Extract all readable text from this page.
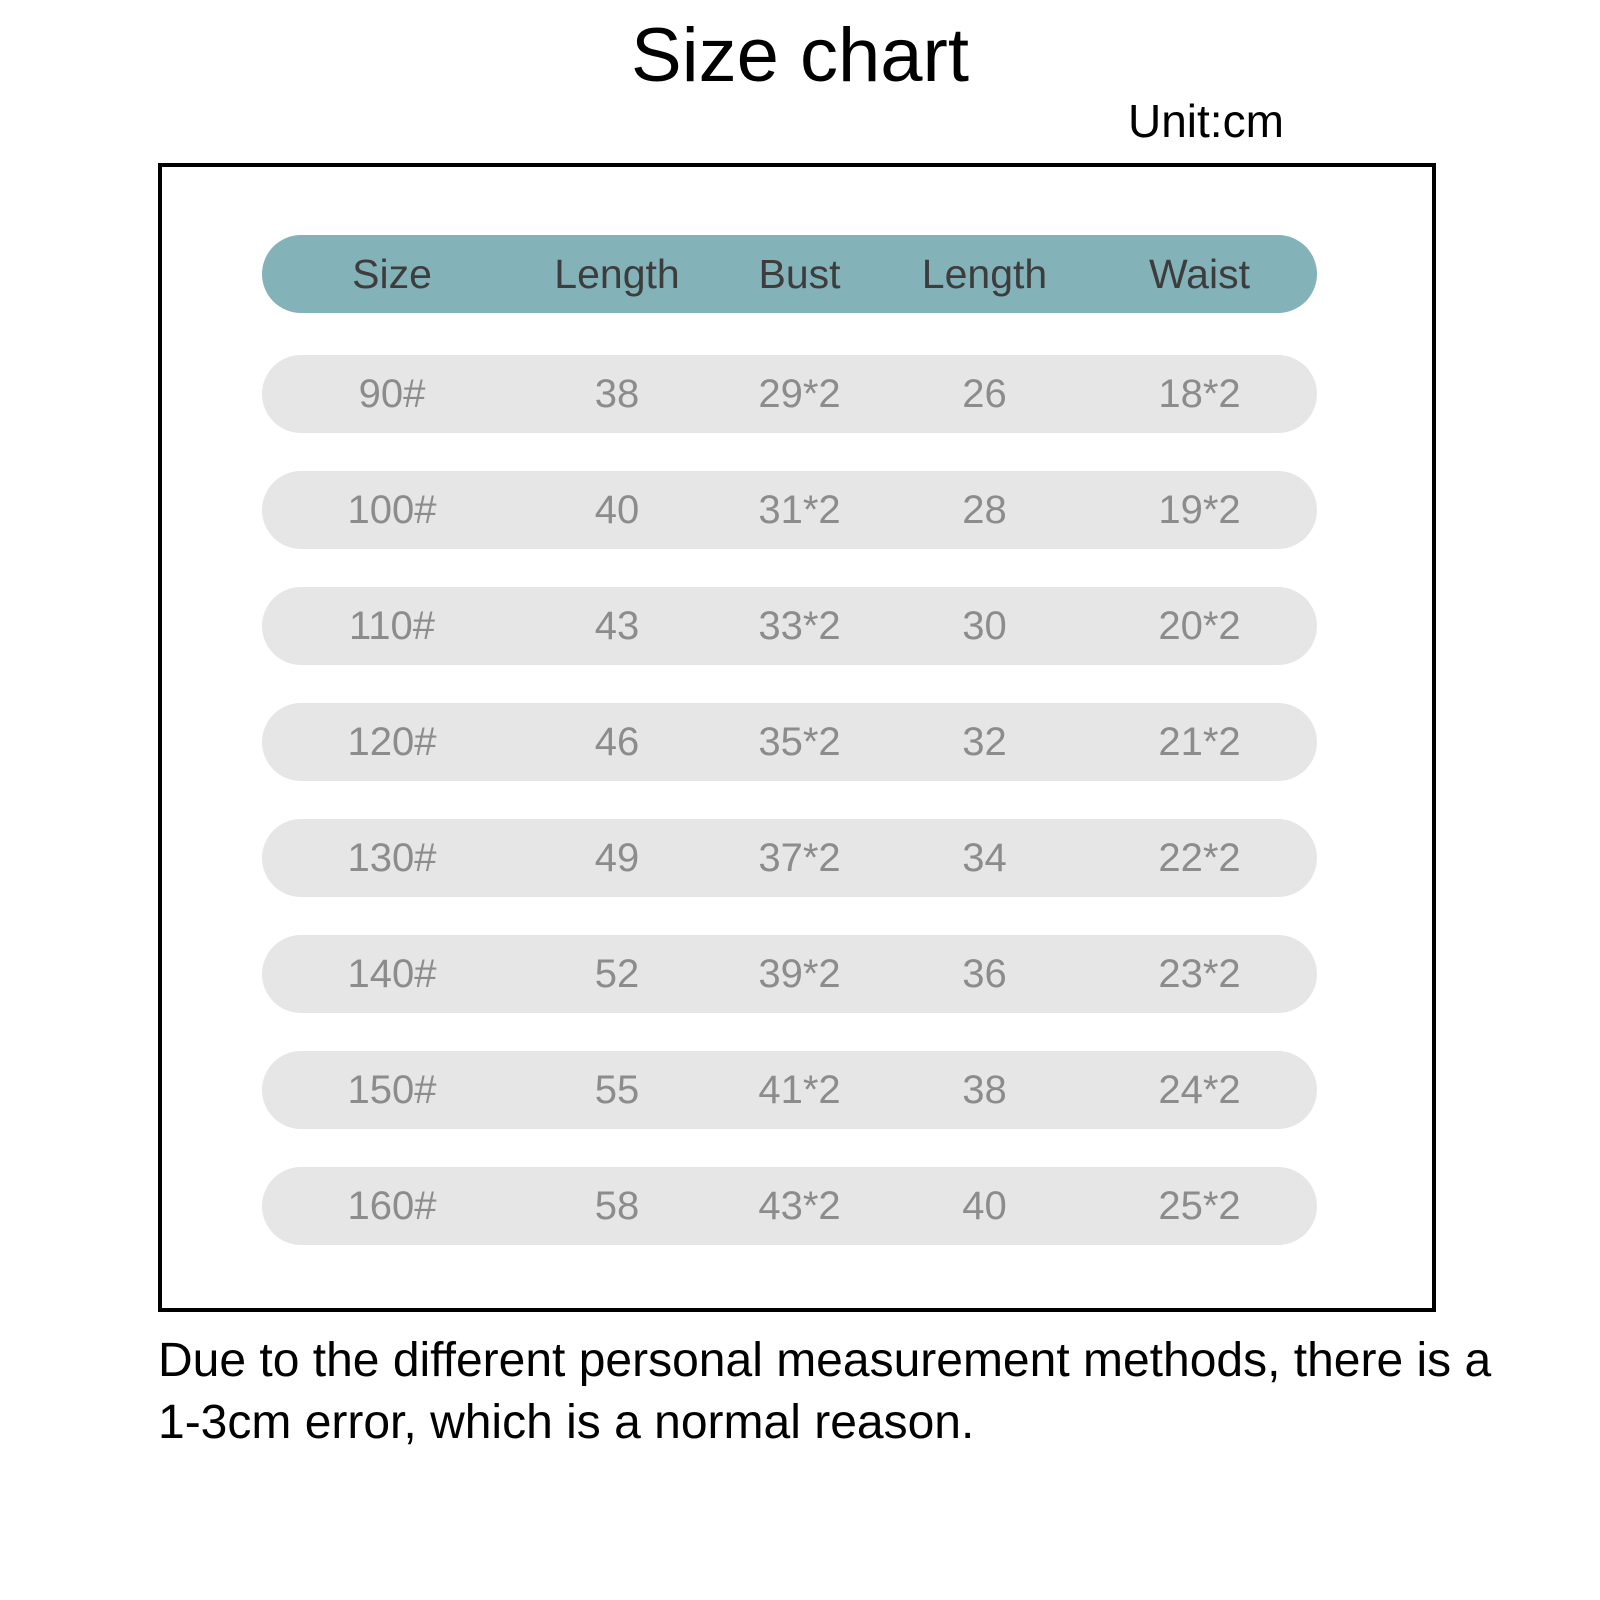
Size chart
Unit:cm
Size	Length	Bust	Length	Waist
90#	38	29*2	26	18*2
100#	40	31*2	28	19*2
110#	43	33*2	30	20*2
120#	46	35*2	32	21*2
130#	49	37*2	34	22*2
140#	52	39*2	36	23*2
150#	55	41*2	38	24*2
160#	58	43*2	40	25*2
Due to the different personal measurement methods, there is a 1-3cm error, which is a normal reason.
